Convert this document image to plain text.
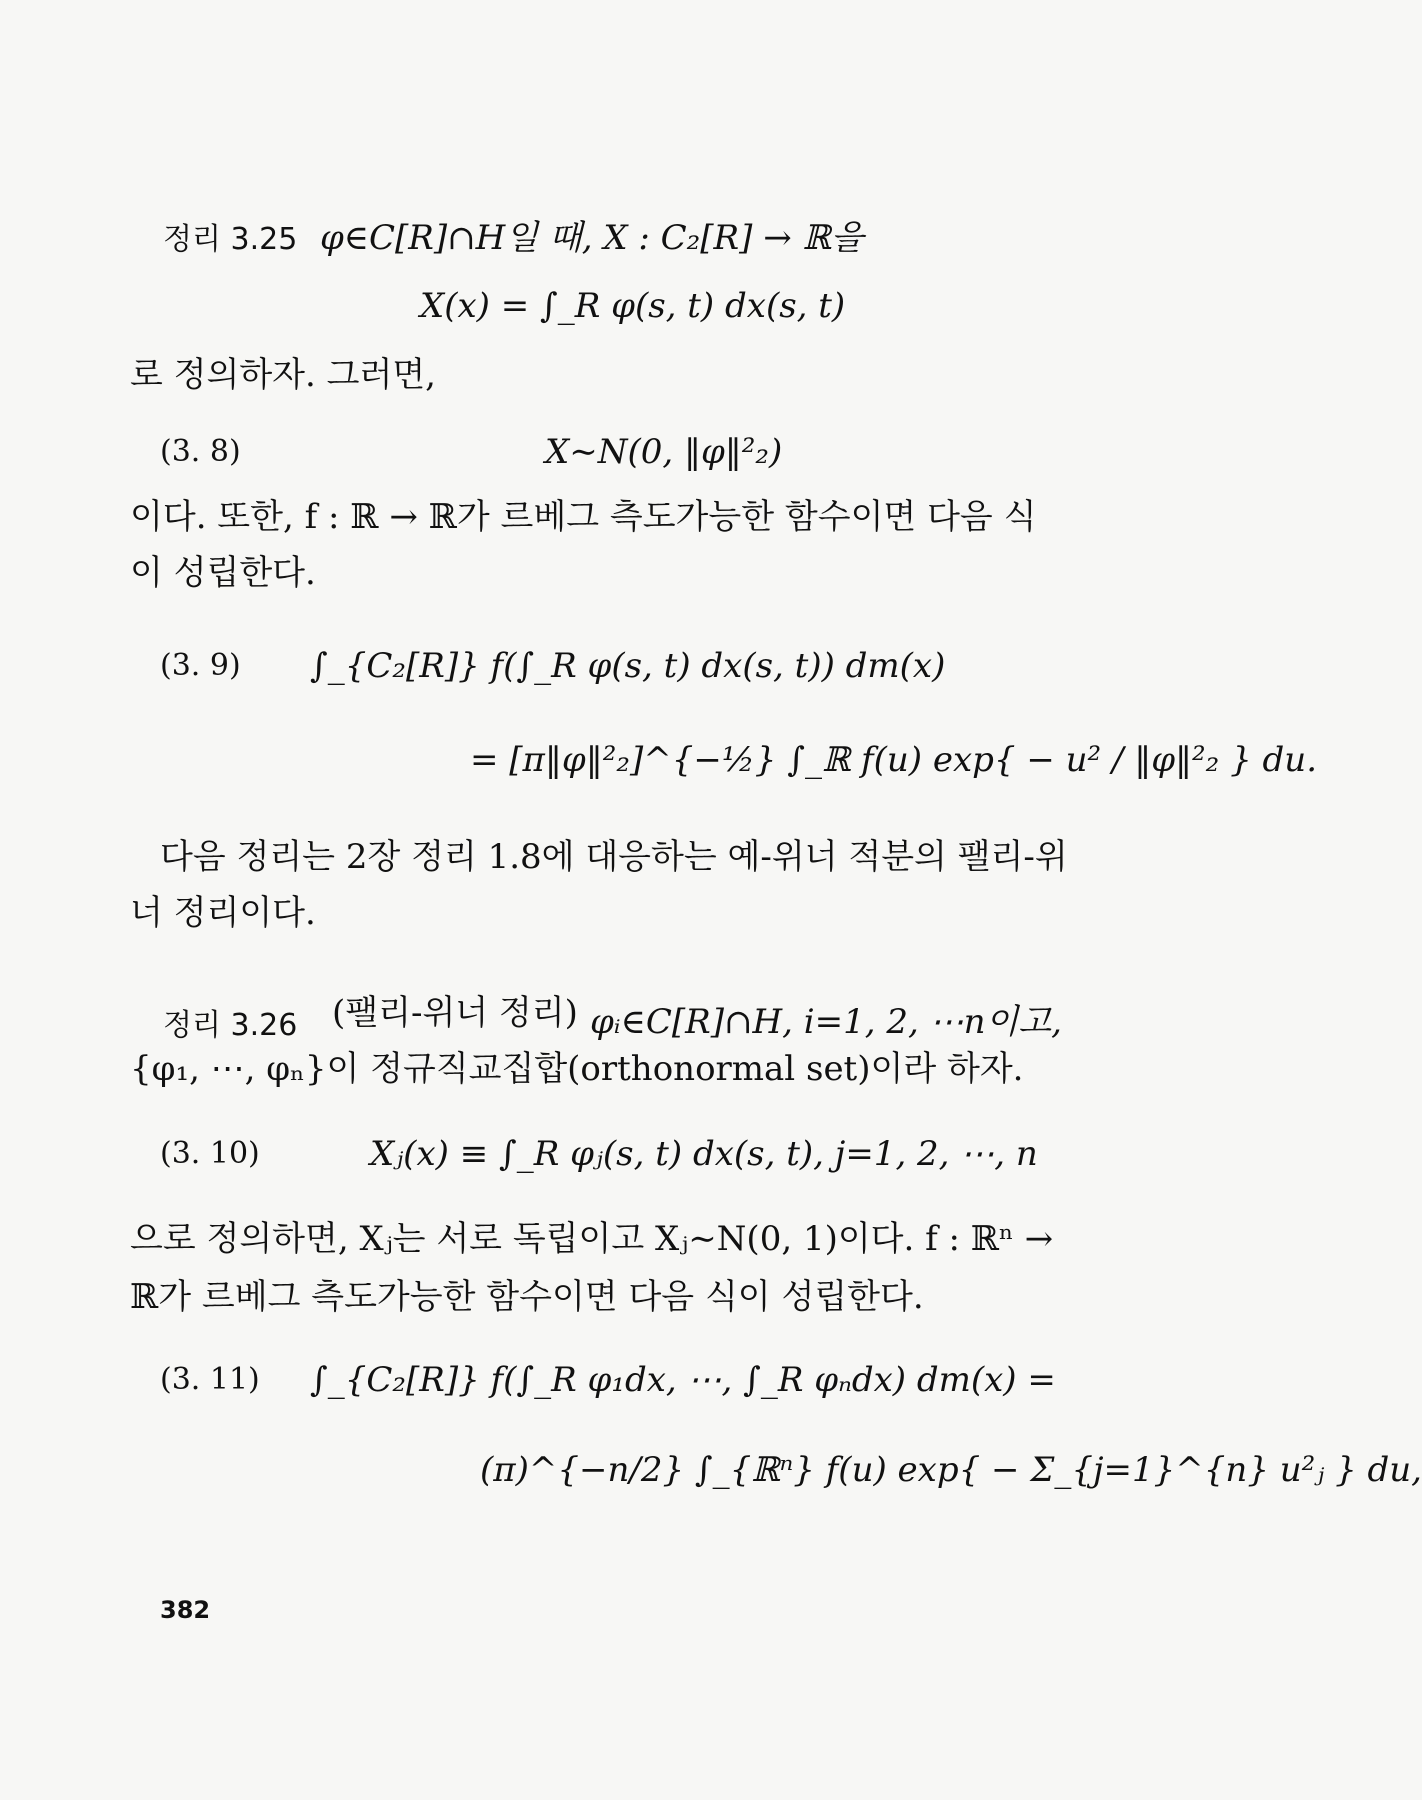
정리 3.25 φ∈C[R]∩H일 때, X : C₂[R] → ℝ을
X(x) = ∫_R φ(s, t) dx(s, t)
로 정의하자. 그러면,
(3. 8)	X∼N(0, ‖φ‖²₂)
이다. 또한, f : ℝ → ℝ가 르베그 측도가능한 함수이면 다음 식
이 성립한다.
(3. 9) ∫_{C₂[R]} f(∫_R φ(s, t) dx(s, t)) dm(x)
= [π‖φ‖²₂]^{−½} ∫_ℝ f(u) exp{ − u² / ‖φ‖²₂ } du.
다음 정리는 2장 정리 1.8에 대응하는 예-위너 적분의 팰리-위
너 정리이다.
정리 3.26 (팰리-위너 정리) φᵢ∈C[R]∩H, i=1, 2, ⋯n이고,
{φ₁, ⋯, φₙ}이 정규직교집합(orthonormal set)이라 하자.
(3. 10)	Xⱼ(x) ≡ ∫_R φⱼ(s, t) dx(s, t), j=1, 2, ⋯, n
으로 정의하면, Xⱼ는 서로 독립이고 Xⱼ∼N(0, 1)이다. f : ℝⁿ →
ℝ가 르베그 측도가능한 함수이면 다음 식이 성립한다.
(3. 11) ∫_{C₂[R]} f(∫_R φ₁dx, ⋯, ∫_R φₙdx) dm(x) =
(π)^{−n/2} ∫_{ℝⁿ} f(u) exp{ − Σ_{j=1}^{n} u²ⱼ } du,
382
